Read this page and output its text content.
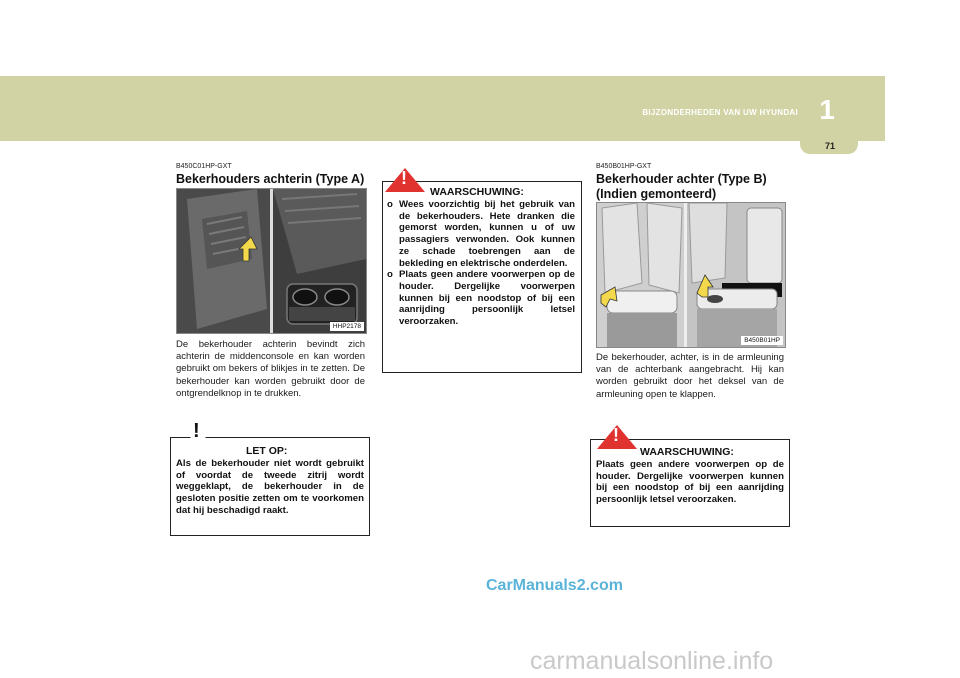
BIJZONDERHEDEN VAN UW HYUNDAI 1
71
B450C01HP-GXT
Bekerhouders achterin (Type A)
HHP2178
De bekerhouder achterin bevindt zich achterin de middenconsole en kan worden gebruikt om bekers of blikjes in te zetten. De bekerhouder kan worden gebruikt door de ontgrendelknop in te drukken.
!
LET OP:
Als de bekerhouder niet wordt gebruikt of voordat de tweede zitrij wordt weggeklapt, de bekerhouder in de gesloten positie zetten om te voorkomen dat hij beschadigd raakt.
!
WAARSCHUWING:
o Wees voorzichtig bij het gebruik van de bekerhouders. Hete dranken die gemorst worden, kunnen u of uw passagiers verwonden. Ook kunnen ze schade toebrengen aan de bekleding en elektrische onderdelen.
o Plaats geen andere voorwerpen op de houder. Dergelijke voorwerpen kunnen bij een noodstop of bij een aanrijding persoonlijk letsel veroorzaken.
B450B01HP-GXT
Bekerhouder achter (Type B)
(Indien gemonteerd)
B450B01HP
De bekerhouder, achter, is in de armleuning van de achterbank aangebracht. Hij kan worden gebruikt door het deksel van de armleuning open te klappen.
!
WAARSCHUWING:
Plaats geen andere voorwerpen op de houder. Dergelijke voorwerpen kunnen bij een noodstop of bij een aanrijding persoonlijk letsel veroorzaken.
CarManuals2.com
carmanualsonline.info
